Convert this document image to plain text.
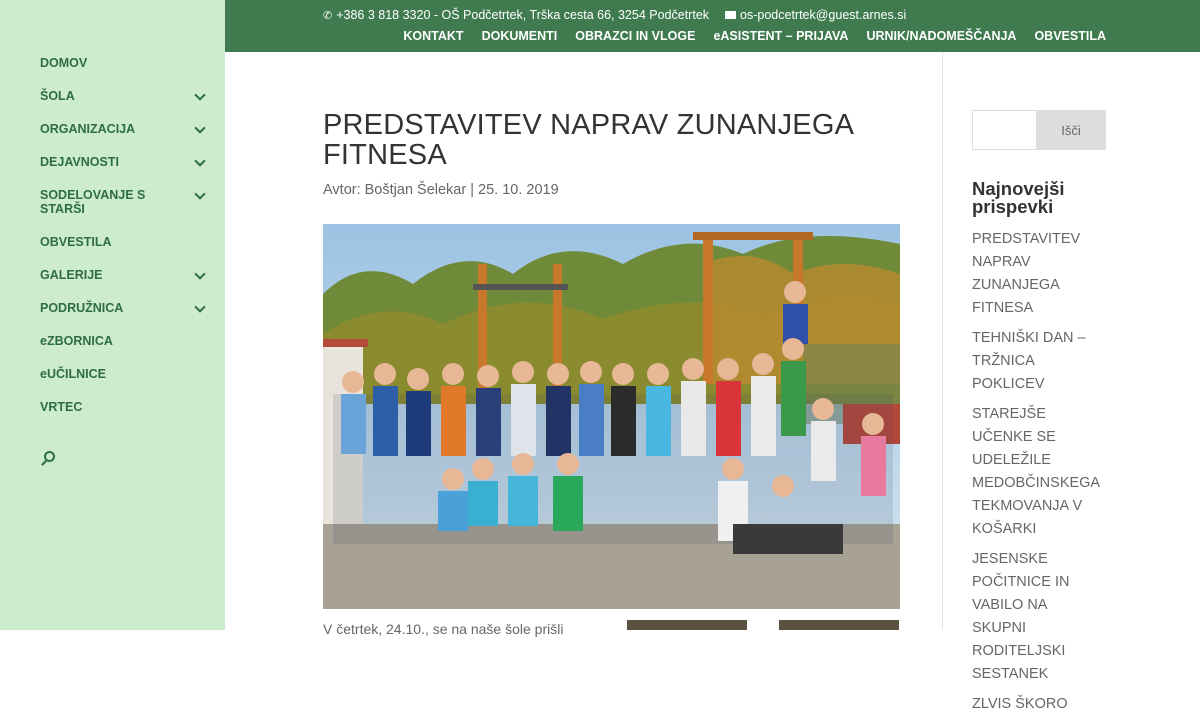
DOMOV
ŠOLA
ORGANIZACIJA
DEJAVNOSTI
SODELOVANJE S STARŠI
OBVESTILA
GALERIJE
PODRUŽNICA
eZBORNICA
eUČILNICE
VRTEC
✆ +386 3 818 3320 - OŠ Podčetrtek, Trška cesta 66, 3254 Podčetrtek os-podcetrtek@guest.arnes.si
KONTAKT DOKUMENTI OBRAZCI IN VLOGE eASISTENT – PRIJAVA URNIK/NADOMEŠČANJA OBVESTILA
PREDSTAVITEV NAPRAV ZUNANJEGA FITNESA
Avtor: Boštjan Šelekar | 25. 10. 2019
V četrtek, 24.10., se na naše šole prišli
Išči
Najnovejši prispevki
PREDSTAVITEV NAPRAV ZUNANJEGA FITNESA
TEHNIŠKI DAN – TRŽNICA POKLICEV
STAREJŠE UČENKE SE UDELEŽILE MEDOBČINSKEGA TEKMOVANJA V KOŠARKI
JESENSKE POČITNICE IN VABILO NA SKUPNI RODITELJSKI SESTANEK
ZLVIS ŠKORO
